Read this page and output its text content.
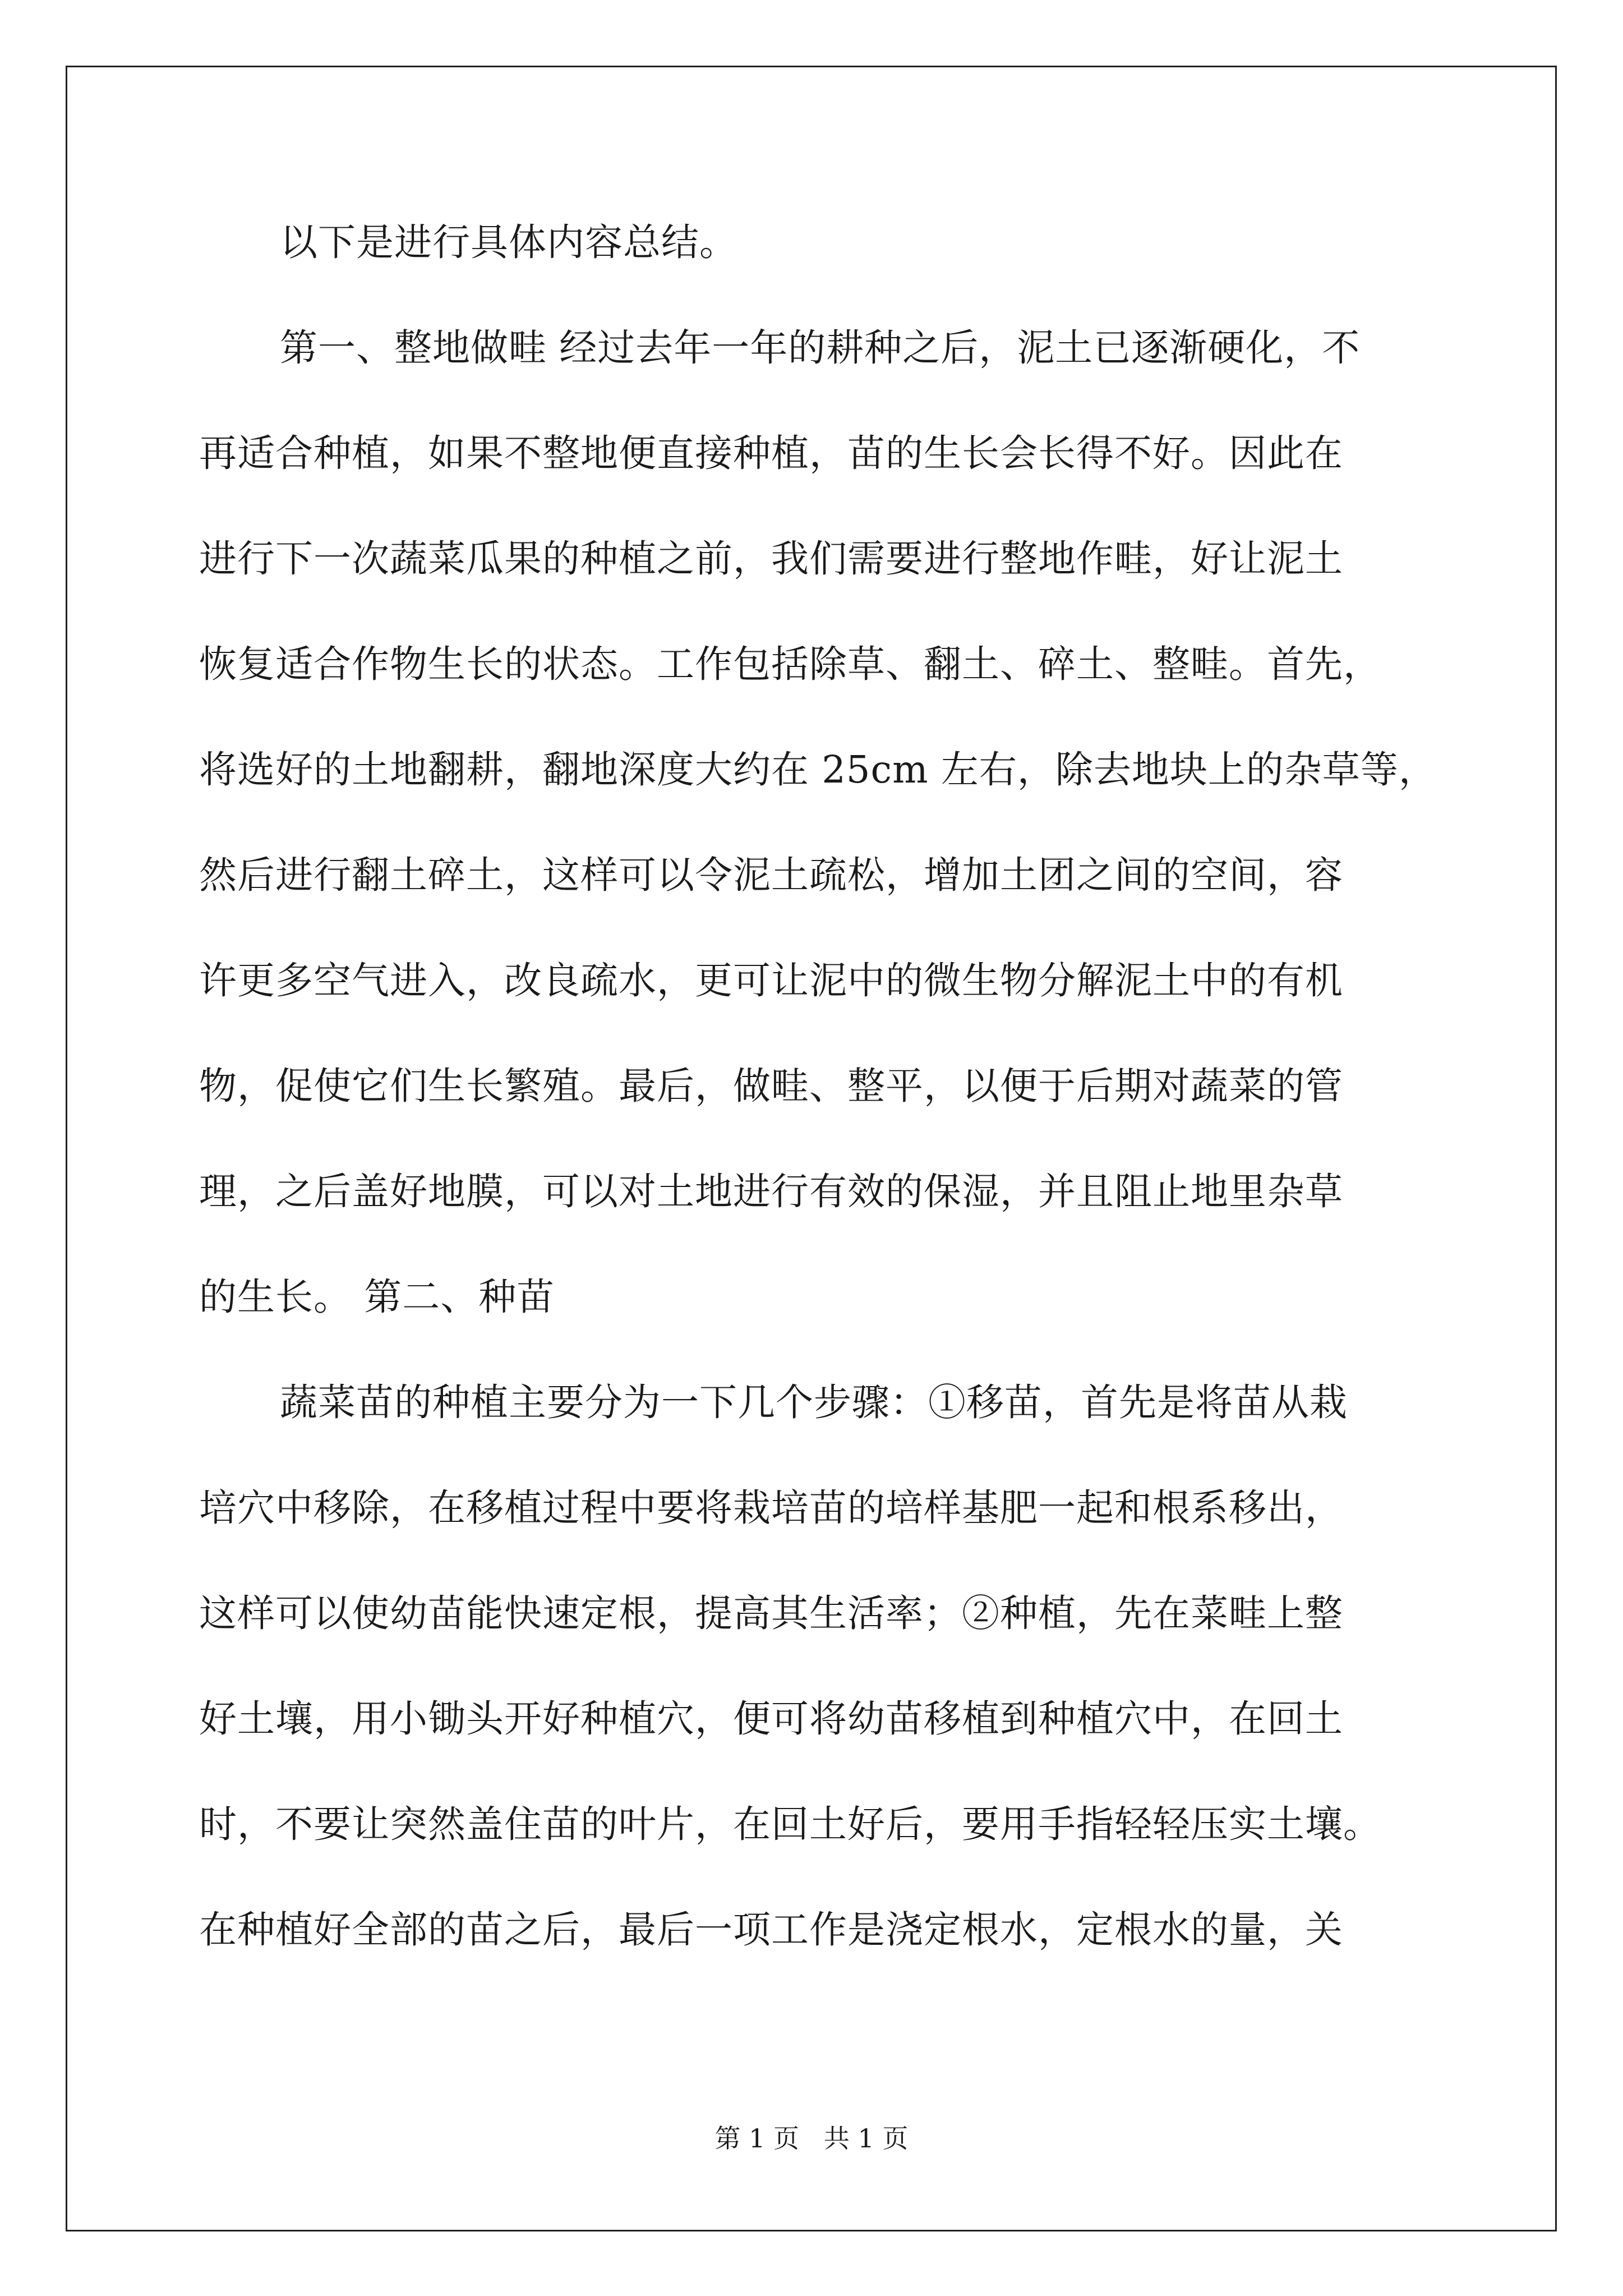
以下是进行具体内容总结。
第一、整地做畦 经过去年一年的耕种之后，泥土已逐渐硬化，不
再适合种植，如果不整地便直接种植，苗的生长会长得不好。因此在
进行下一次蔬菜瓜果的种植之前，我们需要进行整地作畦，好让泥土
恢复适合作物生长的状态。工作包括除草、翻土、碎土、整畦。首先，
将选好的土地翻耕，翻地深度大约在 25cm 左右，除去地块上的杂草等，
然后进行翻土碎土，这样可以令泥土疏松，增加土团之间的空间，容
许更多空气进入，改良疏水，更可让泥中的微生物分解泥土中的有机
物，促使它们生长繁殖。最后，做畦、整平，以便于后期对蔬菜的管
理，之后盖好地膜，可以对土地进行有效的保湿，并且阻止地里杂草
的生长。 第二、种苗
蔬菜苗的种植主要分为一下几个步骤：①移苗，首先是将苗从栽
培穴中移除，在移植过程中要将栽培苗的培样基肥一起和根系移出，
这样可以使幼苗能快速定根，提高其生活率；②种植，先在菜畦上整
好土壤，用小锄头开好种植穴，便可将幼苗移植到种植穴中，在回土
时，不要让突然盖住苗的叶片，在回土好后，要用手指轻轻压实土壤。
在种植好全部的苗之后，最后一项工作是浇定根水，定根水的量，关
第 1 页   共 1 页
